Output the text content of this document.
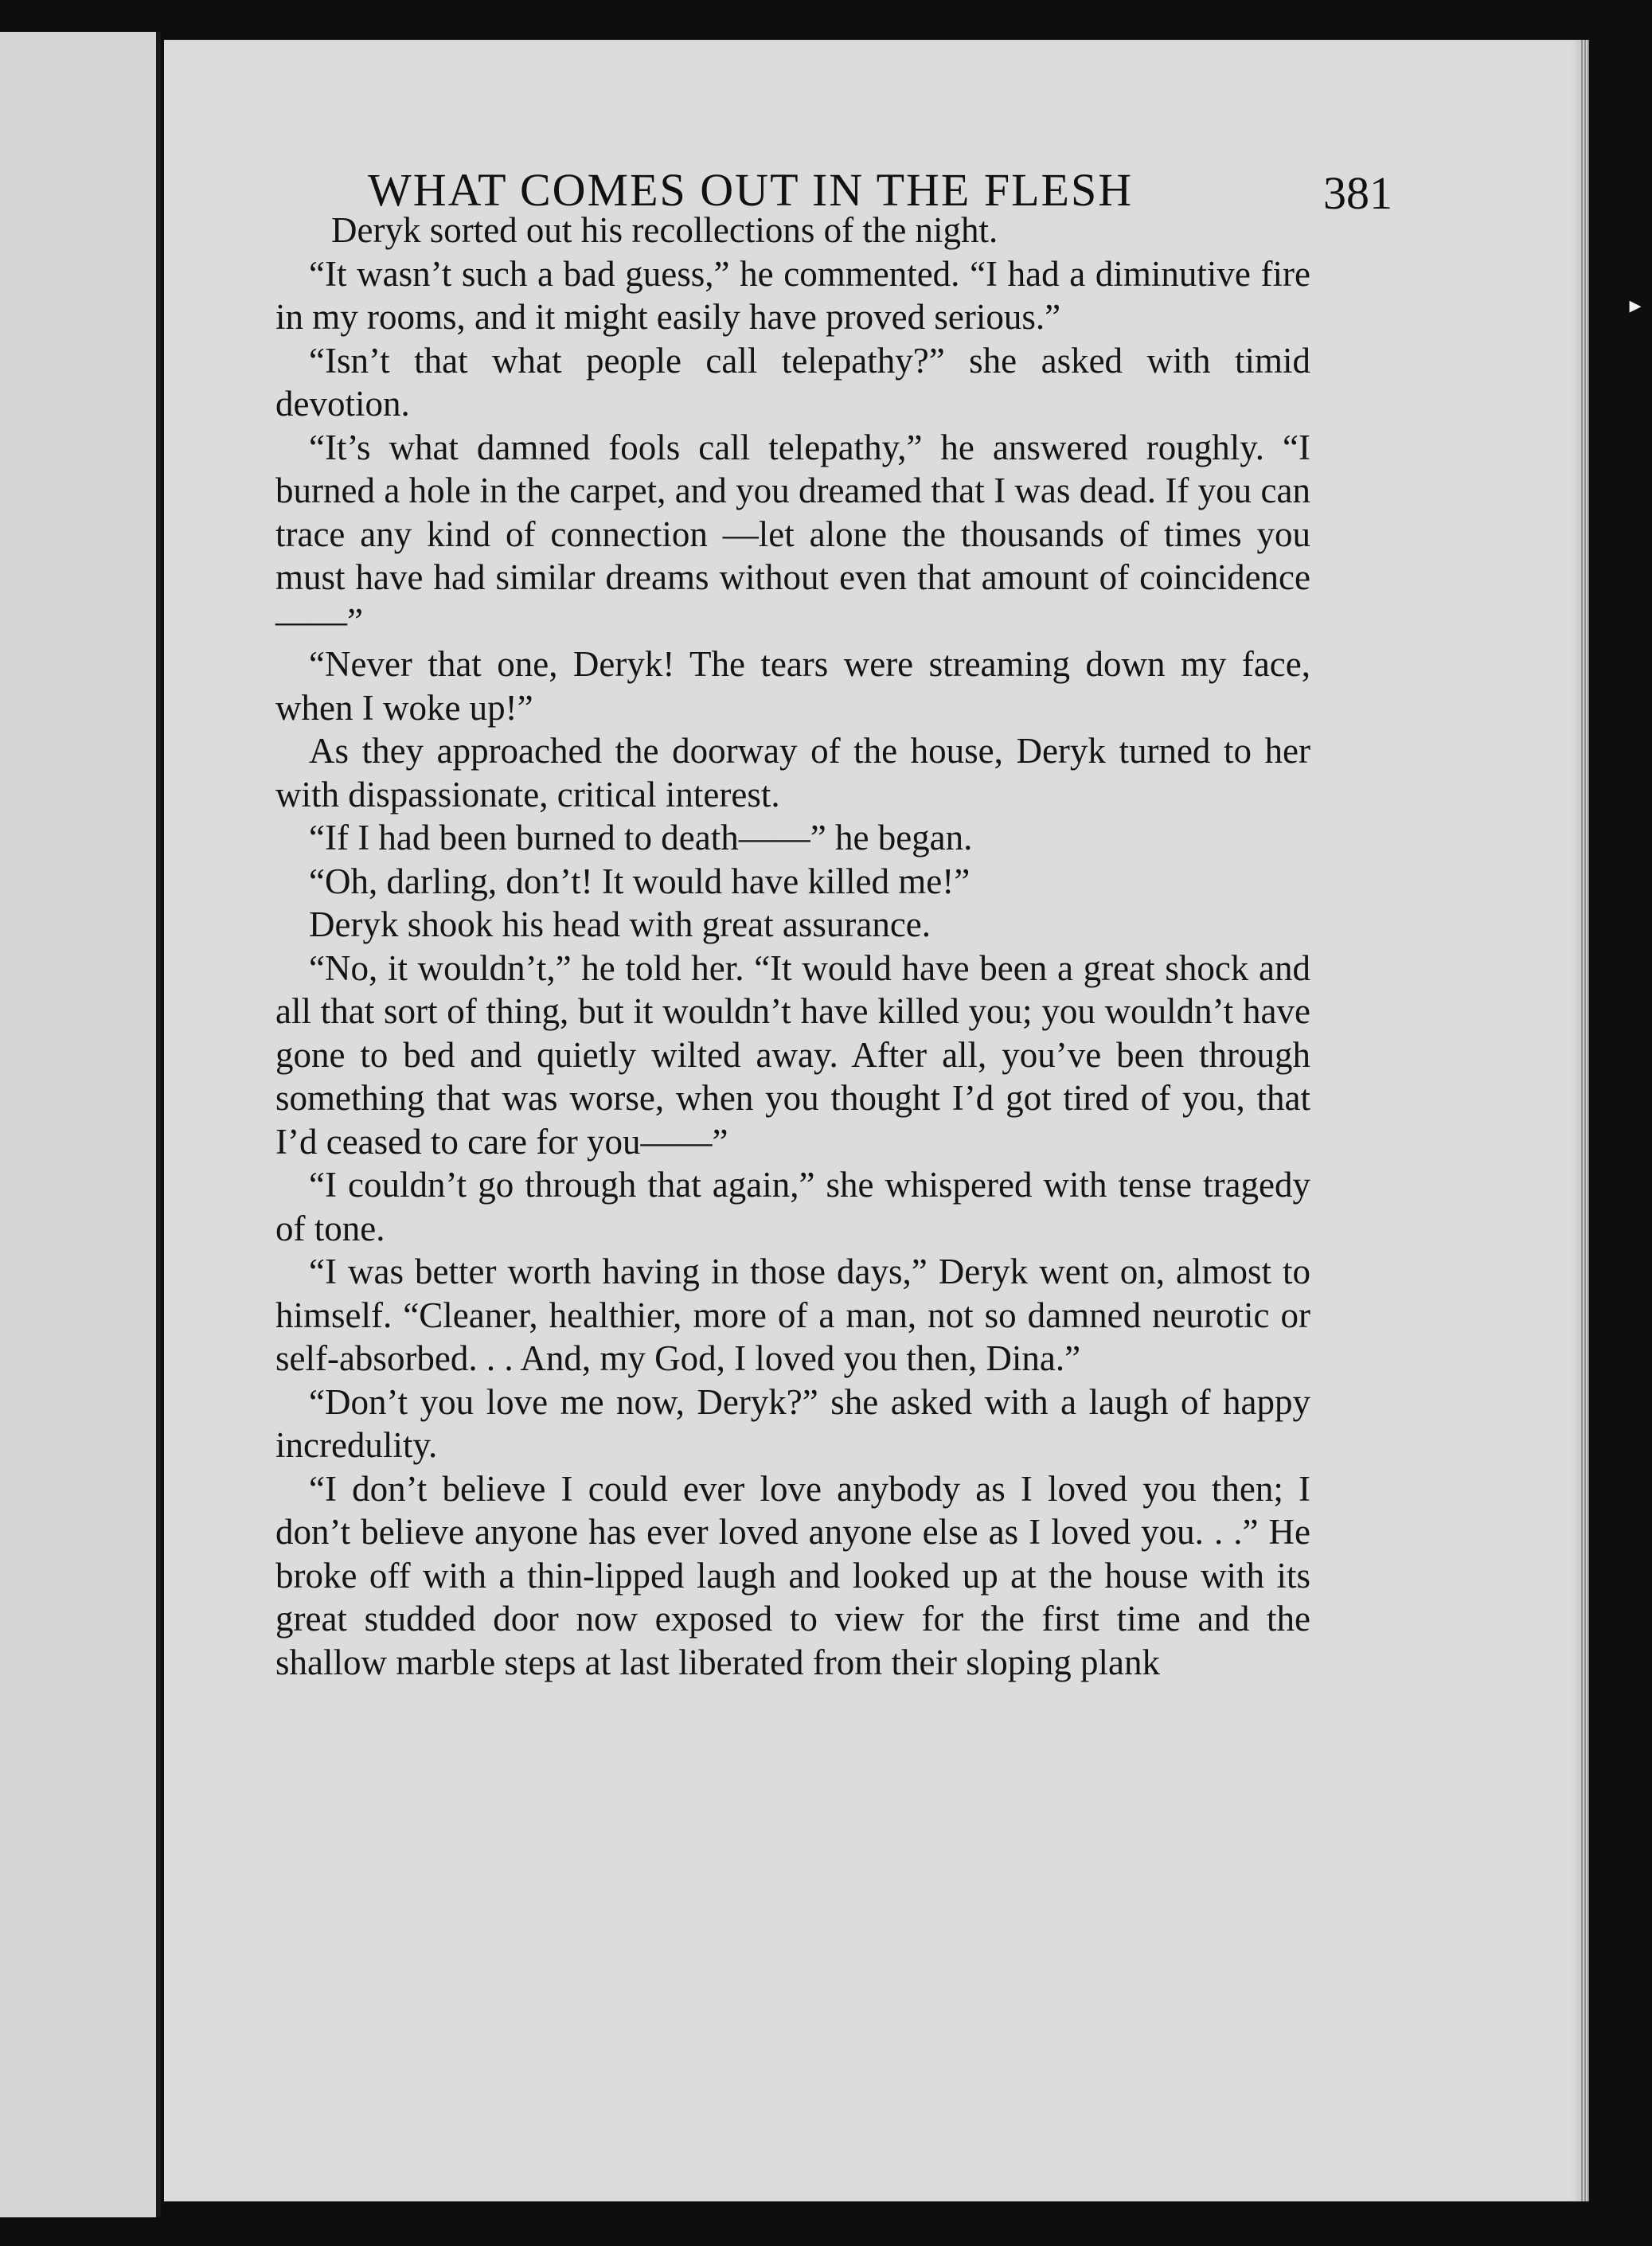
WHAT COMES OUT IN THE FLESH	381

Deryk sorted out his recollections of the night.

“It wasn’t such a bad guess,” he commented. “I had a diminutive fire in my rooms, and it might easily have proved serious.”

“Isn’t that what people call telepathy?” she asked with timid devotion.

“It’s what damned fools call telepathy,” he answered roughly. “I burned a hole in the carpet, and you dreamed that I was dead. If you can trace any kind of connection —let alone the thousands of times you must have had similar dreams without even that amount of coincidence——”

“Never that one, Deryk! The tears were streaming down my face, when I woke up!”

As they approached the doorway of the house, Deryk turned to her with dispassionate, critical interest.

“If I had been burned to death——” he began.

“Oh, darling, don’t! It would have killed me!”

Deryk shook his head with great assurance.

“No, it wouldn’t,” he told her. “It would have been a great shock and all that sort of thing, but it wouldn’t have killed you; you wouldn’t have gone to bed and quietly wilted away. After all, you’ve been through something that was worse, when you thought I’d got tired of you, that I’d ceased to care for you——”

“I couldn’t go through that again,” she whispered with tense tragedy of tone.

“I was better worth having in those days,” Deryk went on, almost to himself. “Cleaner, healthier, more of a man, not so damned neurotic or self-absorbed. . . And, my God, I loved you then, Dina.”

“Don’t you love me now, Deryk?” she asked with a laugh of happy incredulity.

“I don’t believe I could ever love anybody as I loved you then; I don’t believe anyone has ever loved anyone else as I loved you. . .” He broke off with a thin-lipped laugh and looked up at the house with its great studded door now exposed to view for the first time and the shallow marble steps at last liberated from their sloping plank

▸
